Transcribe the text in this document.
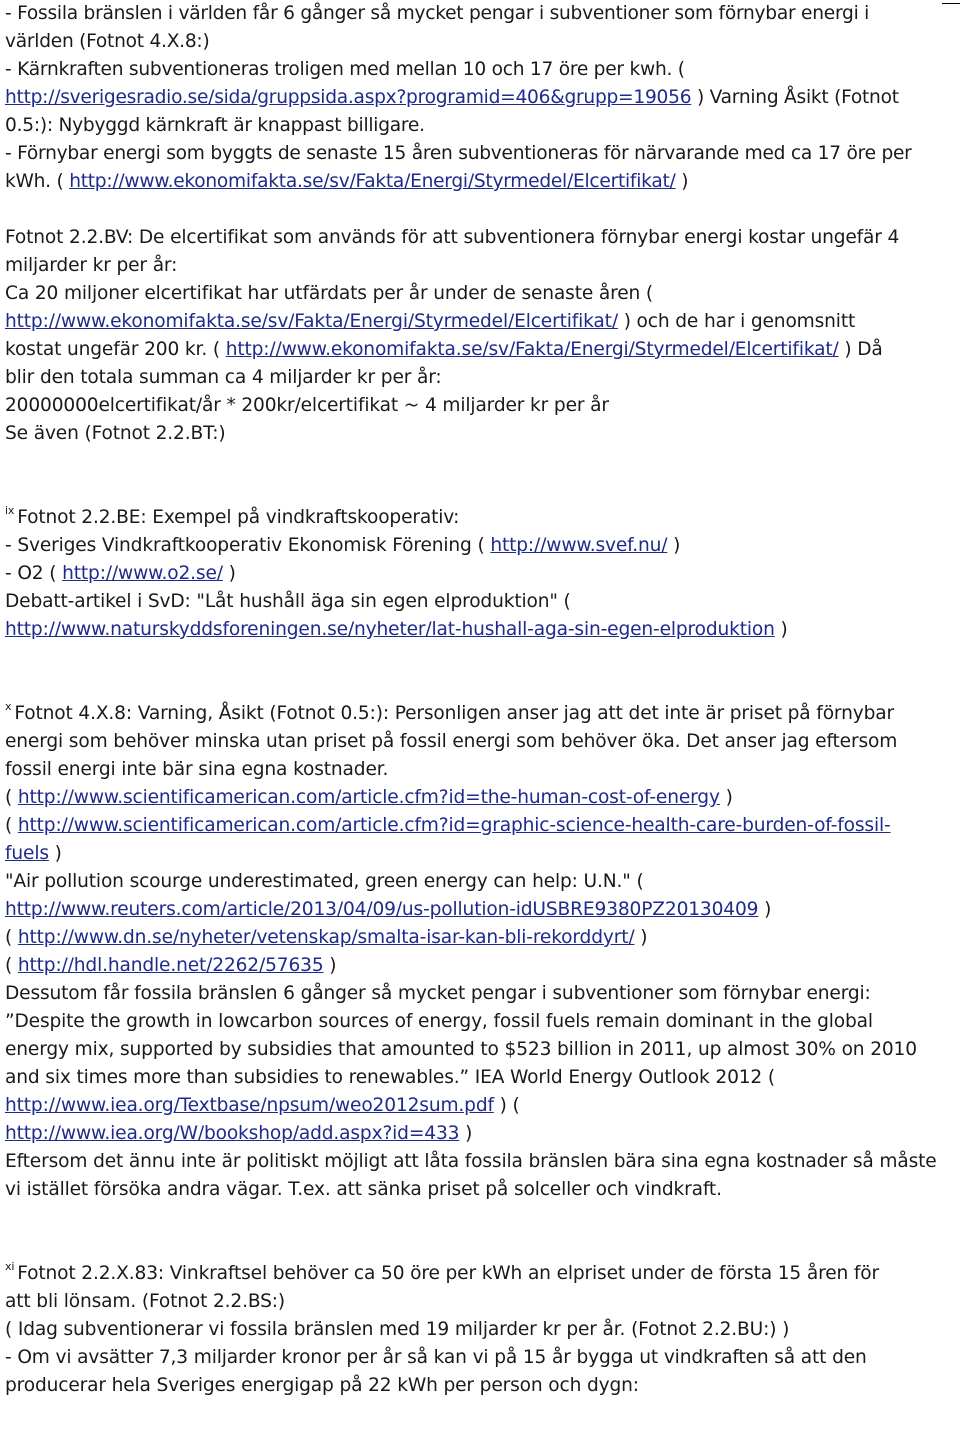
- Fossila bränslen i världen får 6 gånger så mycket pengar i subventioner som förnybar energi i
världen (Fotnot 4.X.8:)
- Kärnkraften subventioneras troligen med mellan 10 och 17 öre per kwh. (
http://sverigesradio.se/sida/gruppsida.aspx?programid=406&grupp=19056 ) Varning Åsikt (Fotnot
0.5:): Nybyggd kärnkraft är knappast billigare.
- Förnybar energi som byggts de senaste 15 åren subventioneras för närvarande med ca 17 öre per
kWh. ( http://www.ekonomifakta.se/sv/Fakta/Energi/Styrmedel/Elcertifikat/ )
Fotnot 2.2.BV: De elcertifikat som används för att subventionera förnybar energi kostar ungefär 4
miljarder kr per år:
Ca 20 miljoner elcertifikat har utfärdats per år under de senaste åren (
http://www.ekonomifakta.se/sv/Fakta/Energi/Styrmedel/Elcertifikat/ ) och de har i genomsnitt
kostat ungefär 200 kr. ( http://www.ekonomifakta.se/sv/Fakta/Energi/Styrmedel/Elcertifikat/ ) Då
blir den totala summan ca 4 miljarder kr per år:
20000000elcertifikat/år * 200kr/elcertifikat ~ 4 miljarder kr per år
Se även (Fotnot 2.2.BT:)
$^{ix}$ Fotnot 2.2.BE: Exempel på vindkraftskooperativ:
- Sveriges Vindkraftkooperativ Ekonomisk Förening ( http://www.svef.nu/ )
- O2 ( http://www.o2.se/ )
Debatt-artikel i SvD: "Låt hushåll äga sin egen elproduktion" (
http://www.naturskyddsforeningen.se/nyheter/lat-hushall-aga-sin-egen-elproduktion )
$^x$ Fotnot 4.X.8: Varning, Åsikt (Fotnot 0.5:): Personligen anser jag att det inte är priset på förnybar
energi som behöver minska utan priset på fossil energi som behöver öka. Det anser jag eftersom
fossil energi inte bär sina egna kostnader.
( http://www.scientificamerican.com/article.cfm?id=the-human-cost-of-energy )
( http://www.scientificamerican.com/article.cfm?id=graphic-science-health-care-burden-of-fossil-
fuels )
"Air pollution scourge underestimated, green energy can help: U.N." (
http://www.reuters.com/article/2013/04/09/us-pollution-idUSBRE9380PZ20130409 )
( http://www.dn.se/nyheter/vetenskap/smalta-isar-kan-bli-rekorddyrt/ )
( http://hdl.handle.net/2262/57635 )
Dessutom får fossila bränslen 6 gånger så mycket pengar i subventioner som förnybar energi:
”Despite the growth in lowcarbon sources of energy, fossil fuels remain dominant in the global
energy mix, supported by subsidies that amounted to $523 billion in 2011, up almost 30% on 2010
and six times more than subsidies to renewables.” IEA World Energy Outlook 2012 (
http://www.iea.org/Textbase/npsum/weo2012sum.pdf ) (
http://www.iea.org/W/bookshop/add.aspx?id=433 )
Eftersom det ännu inte är politiskt möjligt att låta fossila bränslen bära sina egna kostnader så måste
vi istället försöka andra vägar. T.ex. att sänka priset på solceller och vindkraft.
$^{xi}$ Fotnot 2.2.X.83: Vinkraftsel behöver ca 50 öre per kWh an elpriset under de första 15 åren för
att bli lönsam. (Fotnot 2.2.BS:)
( Idag subventionerar vi fossila bränslen med 19 miljarder kr per år. (Fotnot 2.2.BU:) )
- Om vi avsätter 7,3 miljarder kronor per år så kan vi på 15 år bygga ut vindkraften så att den
producerar hela Sveriges energigap på 22 kWh per person och dygn:
